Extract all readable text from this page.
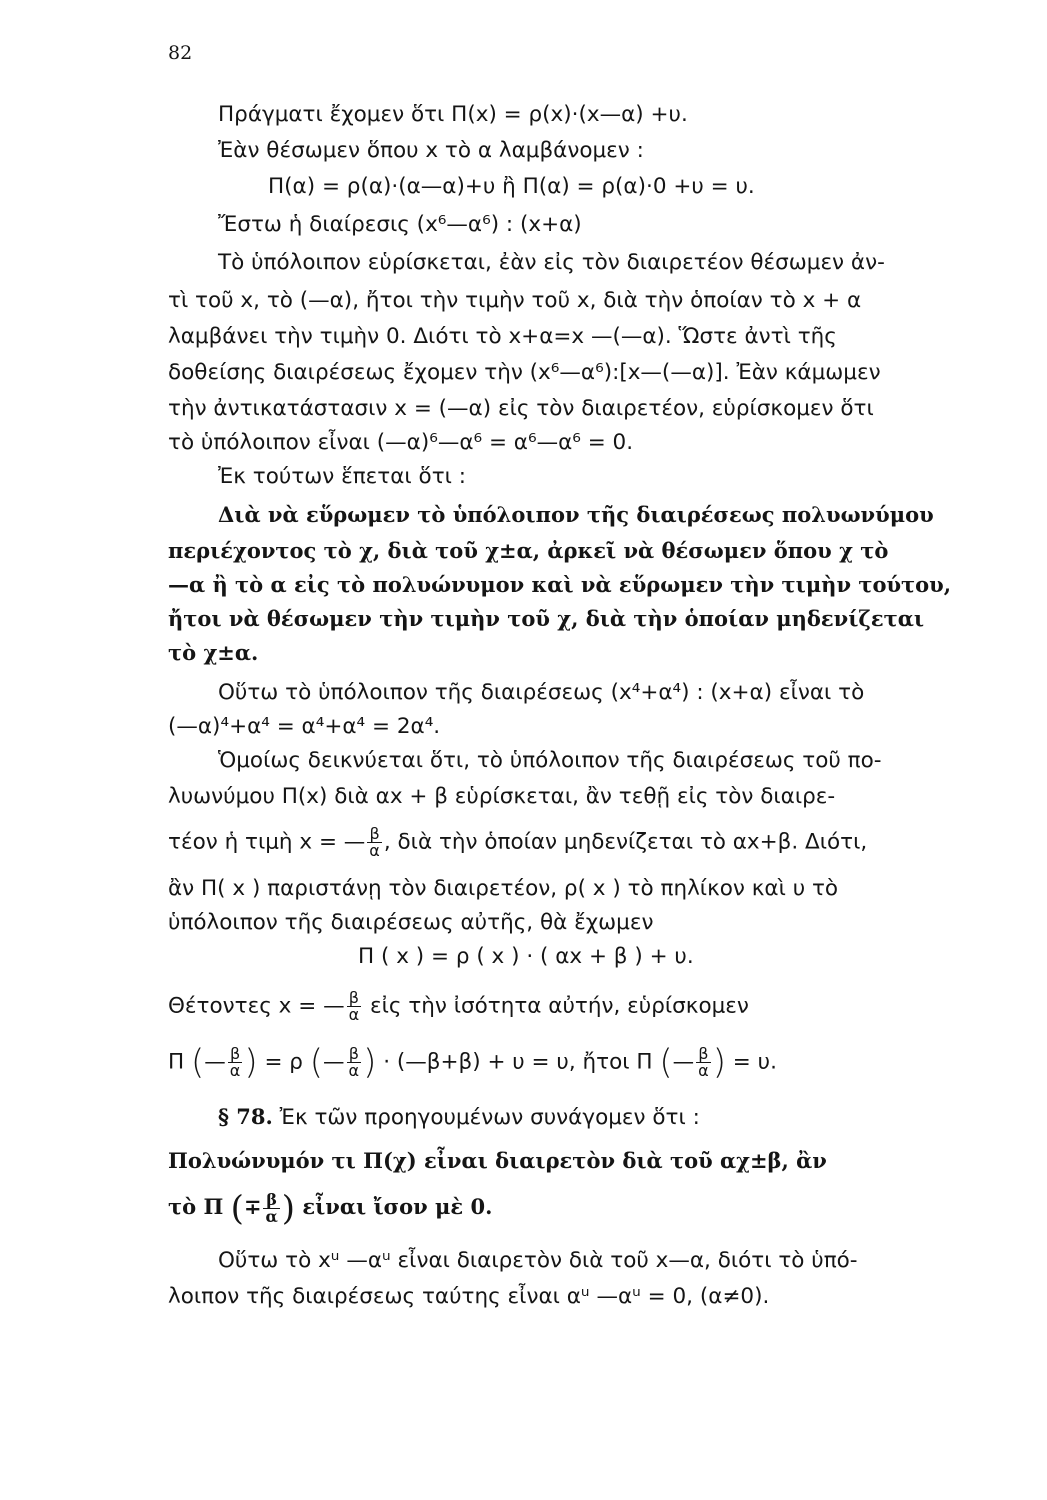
82
Πράγματι ἔχομεν ὅτι Π(x) = ρ(x)·(x—α) +υ.
Ἐὰν θέσωμεν ὅπου x τὸ α λαμβάνομεν :
Π(α) = ρ(α)·(α—α)+υ ἢ Π(α) = ρ(α)·0 +υ = υ.
Ἔστω ἡ διαίρεσις (x⁶—α⁶) : (x+α)
Τὸ ὑπόλοιπον εὑρίσκεται, ἐὰν εἰς τὸν διαιρετέον θέσωμεν ἀν-
τὶ τοῦ x, τὸ (—α), ἤτοι τὴν τιμὴν τοῦ x, διὰ τὴν ὁποίαν τὸ x + α
λαμβάνει τὴν τιμὴν 0. Διότι τὸ x+α=x —(—α). Ὥστε ἀντὶ τῆς
δοθείσης διαιρέσεως ἔχομεν τὴν (x⁶—α⁶):[x—(—α)]. Ἐὰν κάμωμεν
τὴν ἀντικατάστασιν x = (—α) εἰς τὸν διαιρετέον, εὑρίσκομεν ὅτι
τὸ ὑπόλοιπον εἶναι (—α)⁶—α⁶ = α⁶—α⁶ = 0.
Ἐκ τούτων ἕπεται ὅτι :
Διὰ νὰ εὕρωμεν τὸ ὑπόλοιπον τῆς διαιρέσεως πολυωνύμου
περιέχοντος τὸ χ, διὰ τοῦ χ±α, ἀρκεῖ νὰ θέσωμεν ὅπου χ τὸ
—α ἢ τὸ α εἰς τὸ πολυώνυμον καὶ νὰ εὕρωμεν τὴν τιμὴν τούτου,
ἤτοι νὰ θέσωμεν τὴν τιμὴν τοῦ χ, διὰ τὴν ὁποίαν μηδενίζεται
τὸ χ±α.
Οὕτω τὸ ὑπόλοιπον τῆς διαιρέσεως (x⁴+α⁴) : (x+α) εἶναι τὸ
(—α)⁴+α⁴ = α⁴+α⁴ = 2α⁴.
Ὁμοίως δεικνύεται ὅτι, τὸ ὑπόλοιπον τῆς διαιρέσεως τοῦ πο-
λυωνύμου Π(x) διὰ αx + β εὑρίσκεται, ἂν τεθῇ εἰς τὸν διαιρε-
τέον ἡ τιμὴ x = — $\frac{\beta}{\alpha}$ , διὰ τὴν ὁποίαν μηδενίζεται τὸ αx+β. Διότι,
ἂν Π( x ) παριστάνῃ τὸν διαιρετέον, ρ( x ) τὸ πηλίκον καὶ υ τὸ
ὑπόλοιπον τῆς διαιρέσεως αὐτῆς, θὰ ἔχωμεν
Π ( x ) = ρ ( x ) · ( αx + β ) + υ.
Θέτοντες x = — $\frac{\beta}{\alpha}$ εἰς τὴν ἰσότητα αὐτήν, εὑρίσκομεν
Π (— $\frac{\beta}{\alpha}$ ) = ρ (— $\frac{\beta}{\alpha}$ ) · (—β+β) + υ = υ, ἤτοι Π (— $\frac{\beta}{\alpha}$ ) = υ.
§ 78. Ἐκ τῶν προηγουμένων συνάγομεν ὅτι :
Πολυώνυμόν τι Π(χ) εἶναι διαιρετὸν διὰ τοῦ αχ±β, ἂν
τὸ Π (∓ $\frac{\beta}{\alpha}$ ) εἶναι ἴσον μὲ 0.
Οὕτω τὸ xᵘ —αᵘ εἶναι διαιρετὸν διὰ τοῦ x—α, διότι τὸ ὑπό-
λοιπον τῆς διαιρέσεως ταύτης εἶναι αᵘ —αᵘ = 0, (α≠0).
